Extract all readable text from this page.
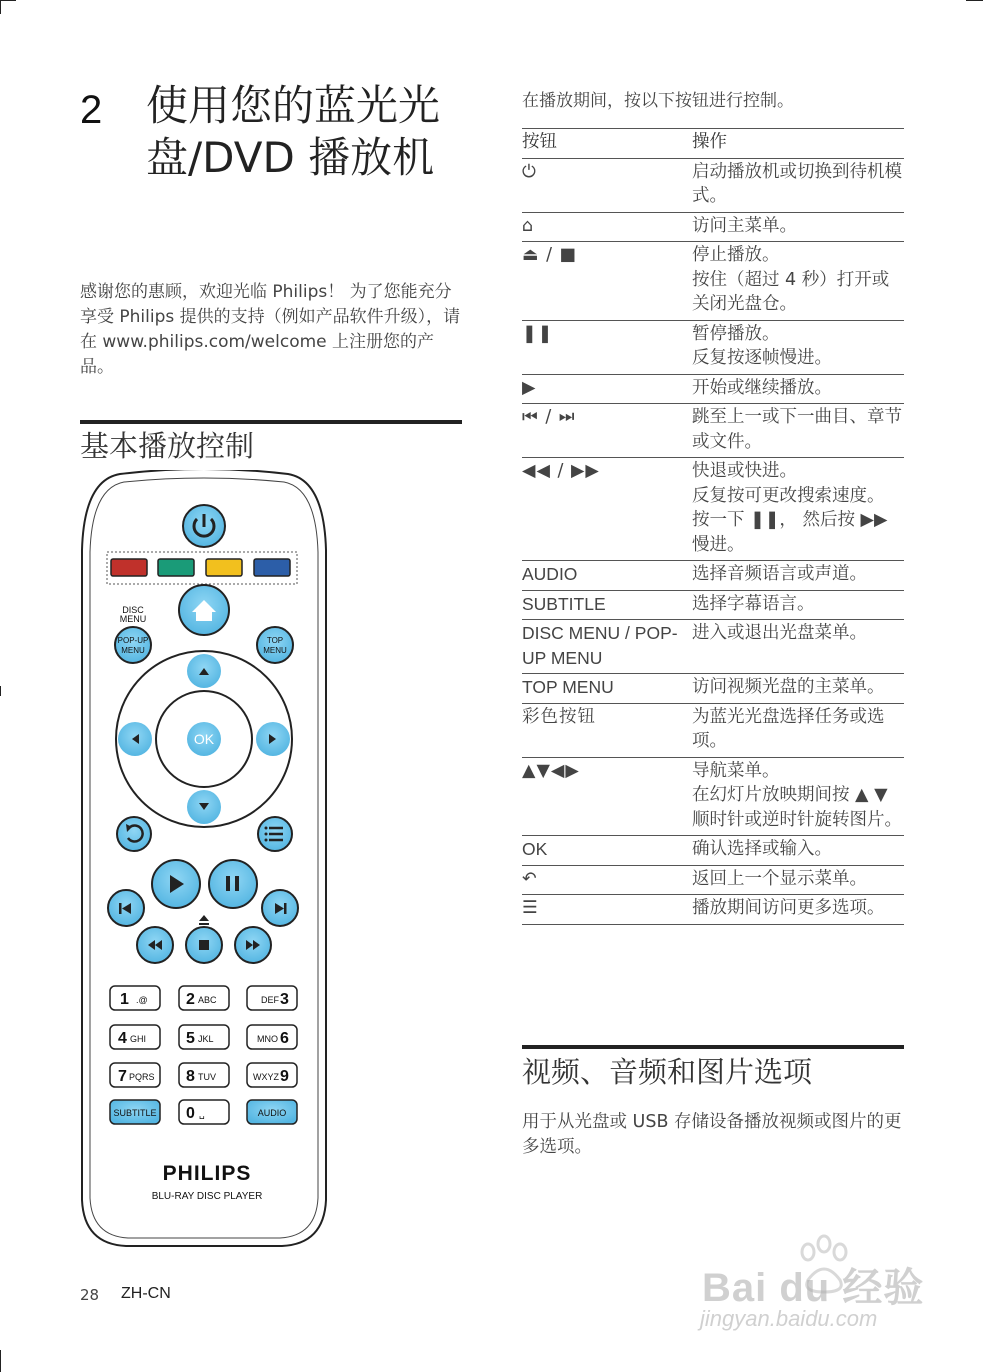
2 使用您的蓝光光盘/DVD 播放机
感谢您的惠顾，欢迎光临 Philips！ 为了您能充分享受 Philips 提供的支持（例如产品软件升级），请在 www.philips.com/welcome 上注册您的产品。
基本播放控制
DISC MENU
POP-UP MENU
TOP MENU
OK
1 .@ 2 ABC	DEF 3
4 GHI 5 JKL	MNO 6
7 PQRS 8 TUV	WXYZ 9
SUBTITLE 0 ␣	AUDIO
PHILIPS
BLU-RAY DISC PLAYER
在播放期间，按以下按钮进行控制。
按钮	操作
⏻	启动播放机或切换到待机模式。
⌂	访问主菜单。
⏏ / ■	停止播放。
按住（超过 4 秒）打开或关闭光盘仓。
❚❚	暂停播放。
反复按逐帧慢进。
▶	开始或继续播放。
⏮ / ⏭	跳至上一或下一曲目、章节或文件。
◀◀ / ▶▶	快退或快进。
反复按可更改搜索速度。
按一下 ❚❚， 然后按 ▶▶ 慢进。
AUDIO	选择音频语言或声道。
SUBTITLE	选择字幕语言。
DISC MENU / POP-UP MENU	进入或退出光盘菜单。
TOP MENU	访问视频光盘的主菜单。
彩色按钮	为蓝光光盘选择任务或选项。
▲▼◀▶	导航菜单。
在幻灯片放映期间按 ▲ ▼ 顺时针或逆时针旋转图片。
OK	确认选择或输入。
↶	返回上一个显示菜单。
☰	播放期间访问更多选项。
视频、音频和图片选项
用于从光盘或 USB 存储设备播放视频或图片的更多选项。
28 ZH-CN	Bai du 经验
jingyan.baidu.com
